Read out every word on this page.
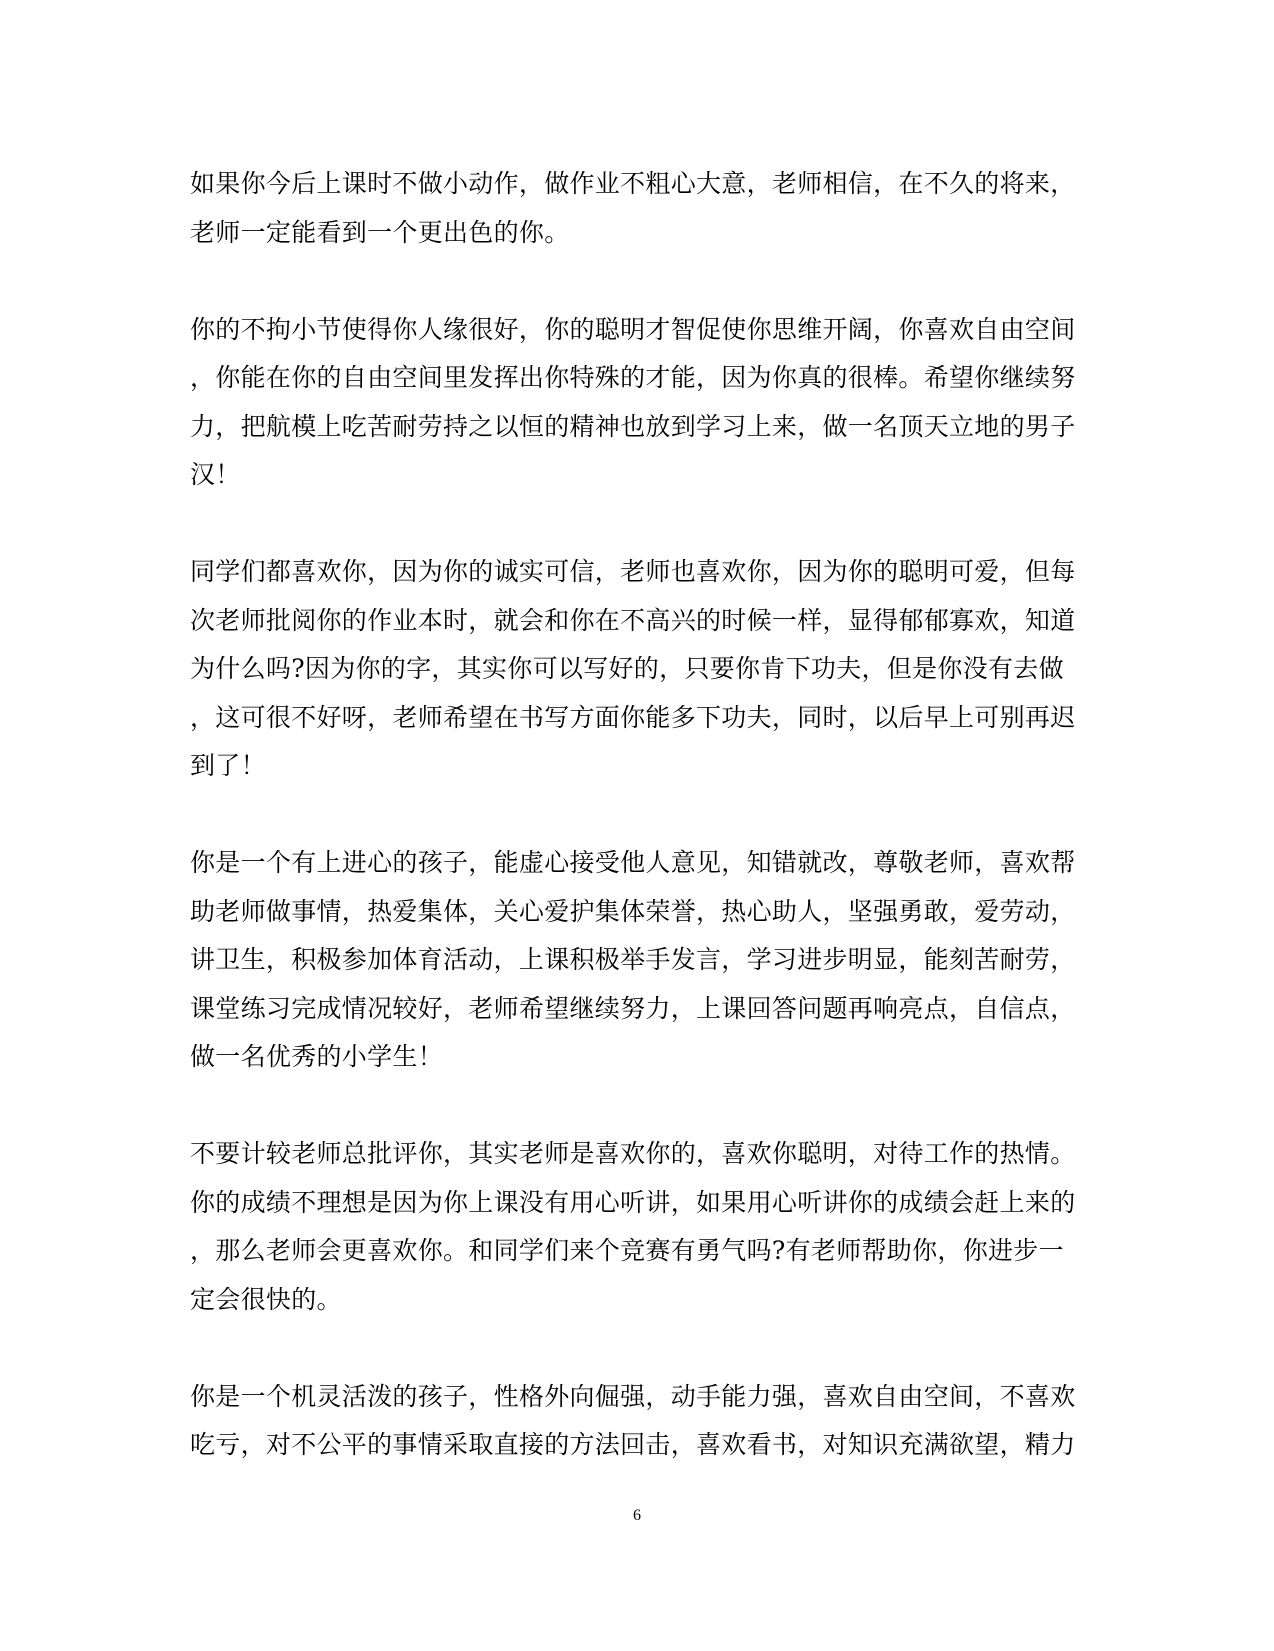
如果你今后上课时不做小动作，做作业不粗心大意，老师相信，在不久的将来，
老师一定能看到一个更出色的你。
你的不拘小节使得你人缘很好，你的聪明才智促使你思维开阔，你喜欢自由空间
，你能在你的自由空间里发挥出你特殊的才能，因为你真的很棒。希望你继续努
力，把航模上吃苦耐劳持之以恒的精神也放到学习上来，做一名顶天立地的男子
汉！
同学们都喜欢你，因为你的诚实可信，老师也喜欢你，因为你的聪明可爱，但每
次老师批阅你的作业本时，就会和你在不高兴的时候一样，显得郁郁寡欢，知道
为什么吗?因为你的字，其实你可以写好的，只要你肯下功夫，但是你没有去做
，这可很不好呀，老师希望在书写方面你能多下功夫，同时，以后早上可别再迟
到了！
你是一个有上进心的孩子，能虚心接受他人意见，知错就改，尊敬老师，喜欢帮
助老师做事情，热爱集体，关心爱护集体荣誉，热心助人，坚强勇敢，爱劳动，
讲卫生，积极参加体育活动，上课积极举手发言，学习进步明显，能刻苦耐劳，
课堂练习完成情况较好，老师希望继续努力，上课回答问题再响亮点，自信点，
做一名优秀的小学生！
不要计较老师总批评你，其实老师是喜欢你的，喜欢你聪明，对待工作的热情。
你的成绩不理想是因为你上课没有用心听讲，如果用心听讲你的成绩会赶上来的
，那么老师会更喜欢你。和同学们来个竞赛有勇气吗?有老师帮助你，你进步一
定会很快的。
你是一个机灵活泼的孩子，性格外向倔强，动手能力强，喜欢自由空间，不喜欢
吃亏，对不公平的事情采取直接的方法回击，喜欢看书，对知识充满欲望，精力
6
